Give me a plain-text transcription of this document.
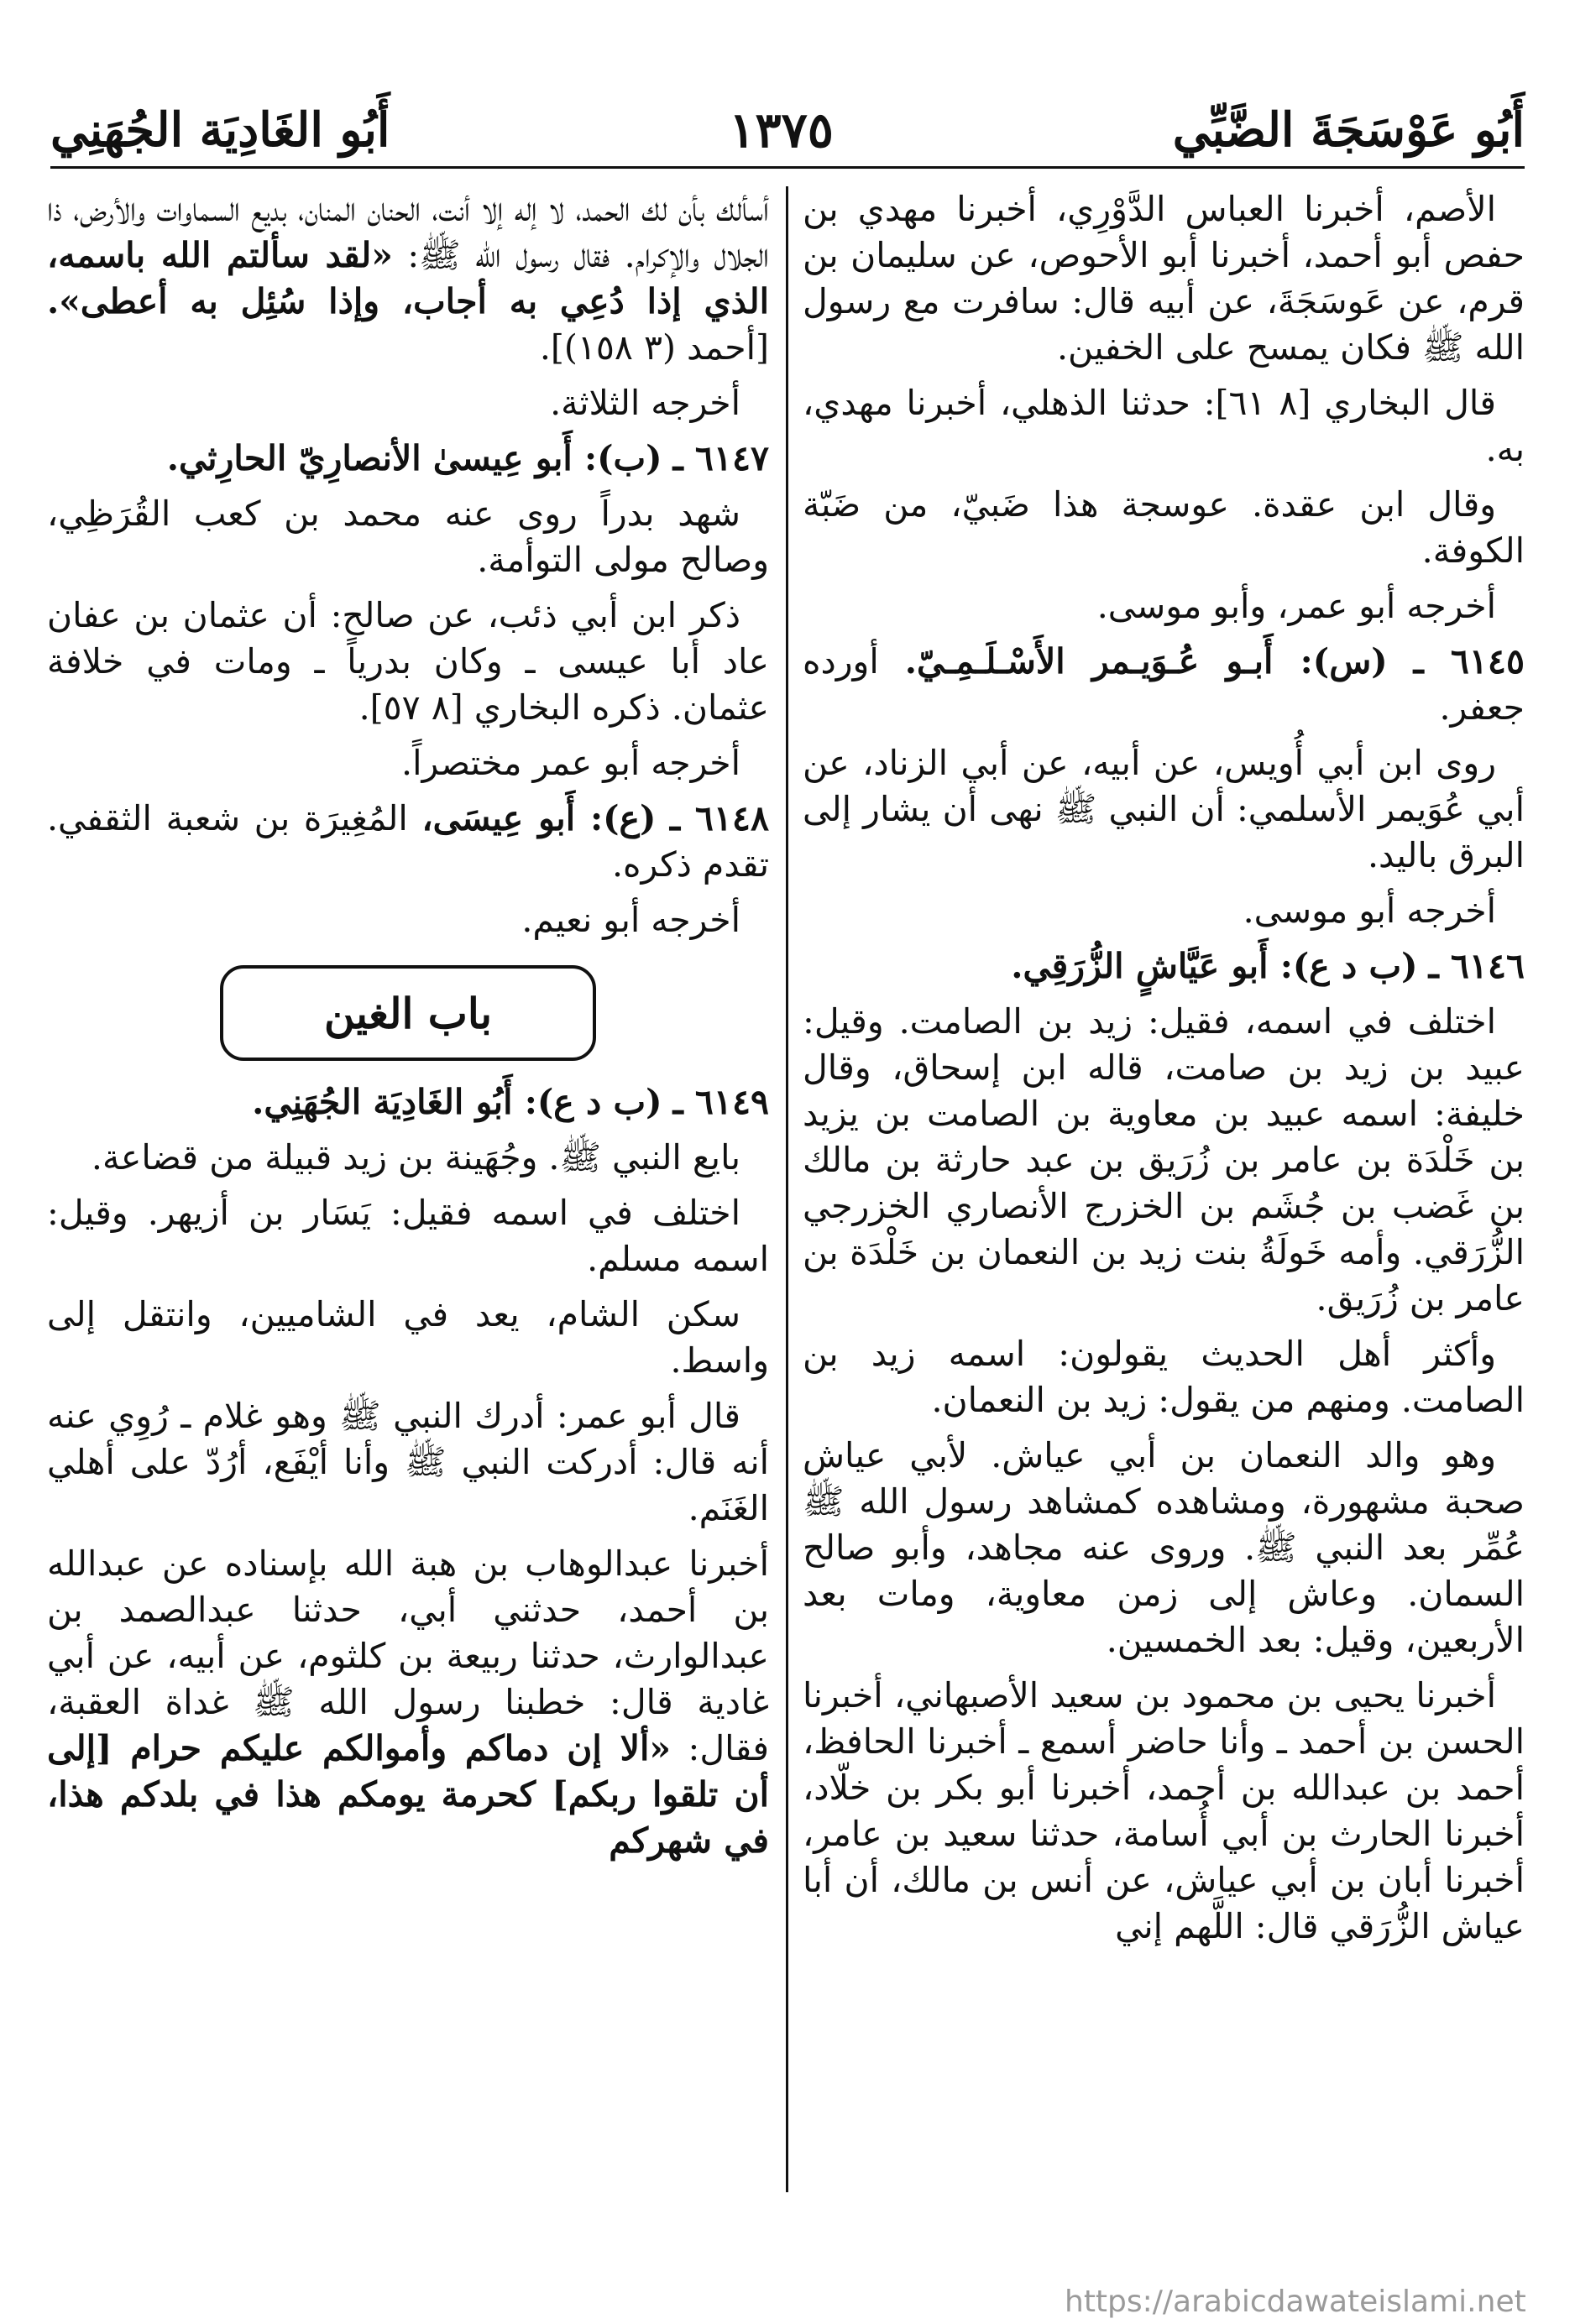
أَبُو عَوْسَجَةَ الضَّبِّي
١٣٧٥
أَبُو الغَادِيَة الجُهَنِي

الأصم، أخبرنا العباس الدَّوْرِي، أخبرنا مهدي بن حفص أبو أحمد، أخبرنا أبو الأحوص، عن سليمان بن قرم، عن عَوسَجَةَ، عن أبيه قال: سافرت مع رسول الله ﷺ فكان يمسح على الخفين.

قال البخاري [٨ ٦١]: حدثنا الذهلي، أخبرنا مهدي، به.

وقال ابن عقدة. عوسجة هذا ضَبيّ، من ضَبّة الكوفة.

أخرجه أبو عمر، وأبو موسى.

٦١٤٥ ـ (س): أَبـو عُـوَيـمر الأَسْـلَـمِـيّ. أورده جعفر.

روى ابن أبي أُويس، عن أبيه، عن أبي الزناد، عن أبي عُوَيمر الأسلمي: أن النبي ﷺ نهى أن يشار إلى البرق باليد.

أخرجه أبو موسى.

٦١٤٦ ـ (ب د ع): أَبو عَيَّاشٍ الزُّرَقِي.

اختلف في اسمه، فقيل: زيد بن الصامت. وقيل: عبيد بن زيد بن صامت، قاله ابن إسحاق، وقال خليفة: اسمه عبيد بن معاوية بن الصامت بن يزيد بن خَلْدَة بن عامر بن زُرَيق بن عبد حارثة بن مالك بن غَضب بن جُشَم بن الخزرج الأنصاري الخزرجي الزُّرَقي. وأمه خَولَةُ بنت زيد بن النعمان بن خَلْدَة بن عامر بن زُرَيق.

وأكثر أهل الحديث يقولون: اسمه زيد بن الصامت. ومنهم من يقول: زيد بن النعمان.

وهو والد النعمان بن أبي عياش. لأبي عياش صحبة مشهورة، ومشاهده كمشاهد رسول الله ﷺ عُمِّر بعد النبي ﷺ. وروى عنه مجاهد، وأبو صالح السمان. وعاش إلى زمن معاوية، ومات بعد الأربعين، وقيل: بعد الخمسين.

أخبرنا يحيى بن محمود بن سعيد الأصبهاني، أخبرنا الحسن بن أحمد ـ وأنا حاضر أسمع ـ أخبرنا الحافظ، أحمد بن عبدالله بن أحمد، أخبرنا أبو بكر بن خلّاد، أخبرنا الحارث بن أبي أُسامة، حدثنا سعيد بن عامر، أخبرنا أبان بن أبي عياش، عن أنس بن مالك، أن أبا عياش الزُّرَقي قال: اللَّهم إني

أسألك بأن لك الحمد، لا إله إلا أنت، الحنان المنان، بديع السماوات والأرض، ذا الجلال والإكرام. فقال رسول الله ﷺ: «لقد سألتم الله باسمه، الذي إذا دُعِي به أجاب، وإذا سُئِل به أعطى». [أحمد (٣ ١٥٨)].

أخرجه الثلاثة.

٦١٤٧ ـ (ب): أَبو عِيسىٰ الأنصارِيّ الحارِثي.

شهد بدراً روى عنه محمد بن كعب القُرَظِي، وصالح مولى التوأمة.

ذكر ابن أبي ذئب، عن صالح: أن عثمان بن عفان عاد أبا عيسى ـ وكان بدرياً ـ ومات في خلافة عثمان. ذكره البخاري [٨ ٥٧].

أخرجه أبو عمر مختصراً.

٦١٤٨ ـ (ع): أَبو عِيسَى، المُغِيرَة بن شعبة الثقفي. تقدم ذكره.

أخرجه أبو نعيم.

باب الغين

٦١٤٩ ـ (ب د ع): أَبُو الغَادِيَة الجُهَنِي.

بايع النبي ﷺ. وجُهَينة بن زيد قبيلة من قضاعة.

اختلف في اسمه فقيل: يَسَار بن أزيهر. وقيل: اسمه مسلم.

سكن الشام، يعد في الشاميين، وانتقل إلى واسط.

قال أبو عمر: أدرك النبي ﷺ وهو غلام ـ رُوِي عنه أنه قال: أدركت النبي ﷺ وأنا أيْفَع، أرُدّ على أهلي الغَنَم.

أخبرنا عبدالوهاب بن هبة الله بإسناده عن عبدالله بن أحمد، حدثني أبي، حدثنا عبدالصمد بن عبدالوارث، حدثنا ربيعة بن كلثوم، عن أبيه، عن أبي غادية قال: خطبنا رسول الله ﷺ غداة العقبة، فقال: «ألا إن دماكم وأموالكم عليكم حرام [إلى أن تلقوا ربكم] كحرمة يومكم هذا في بلدكم هذا، في شهركم

https://arabicdawateislami.net
